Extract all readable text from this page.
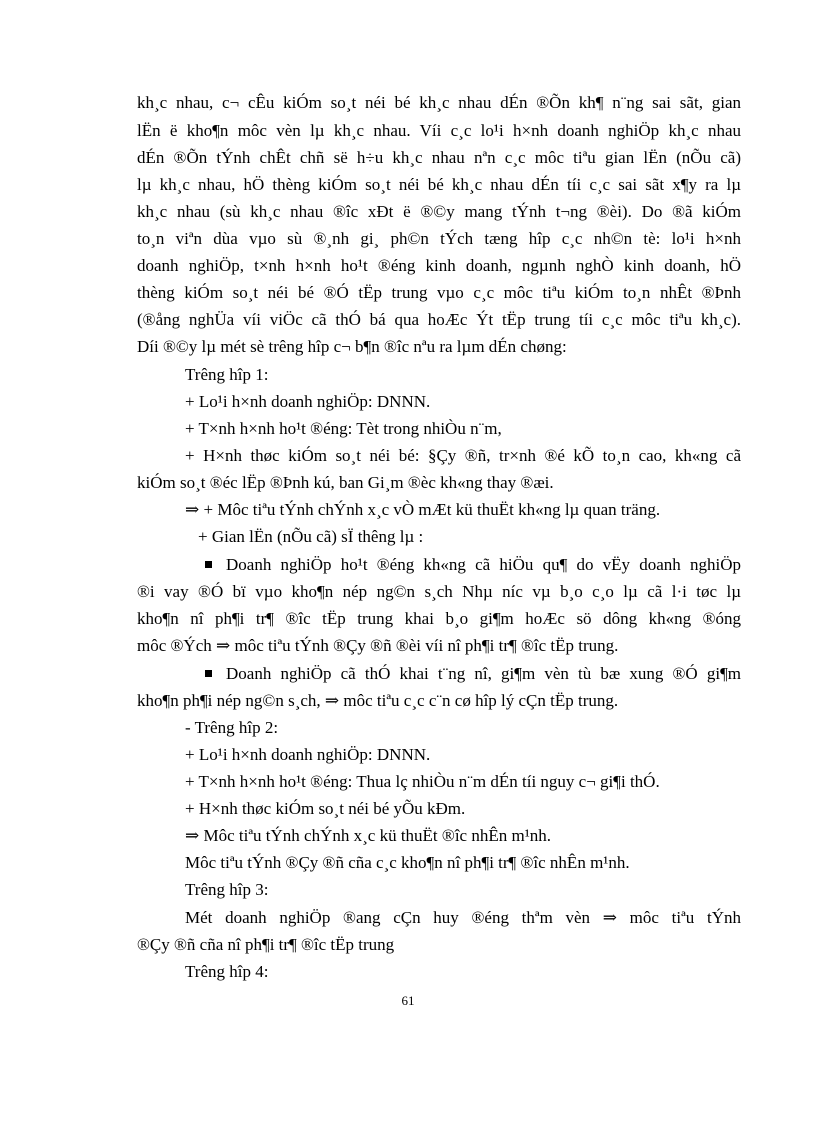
kh¸c nhau, c¬ cÊu kiÓm so¸t néi bé kh¸c nhau dÉn ®Õn kh¶ n¨ng sai sãt, gian
lËn ë kho¶n môc vèn lµ kh¸c nhau. Víi c¸c lo¹i h×nh doanh nghiÖp kh¸c nhau
dÉn ®Õn tÝnh chÊt chñ së h÷u kh¸c nhau nªn c¸c môc tiªu gian lËn (nÕu cã)
lµ kh¸c nhau, hÖ thèng kiÓm so¸t néi bé kh¸c nhau dÉn tíi c¸c sai sãt x¶y ra lµ
kh¸c nhau (sù kh¸c nhau ®îc xÐt ë ®©y mang tÝnh t¬ng ®èi). Do ®ã kiÓm
to¸n viªn dùa vµo sù ®¸nh gi¸ ph©n tÝch tæng hîp c¸c nh©n tè: lo¹i h×nh
doanh nghiÖp, t×nh h×nh ho¹t ®éng kinh doanh, ngµnh nghÒ kinh doanh, hÖ
thèng kiÓm so¸t néi bé ®Ó tËp trung vµo c¸c môc tiªu kiÓm to¸n nhÊt ®Þnh
(®ång nghÜa víi viÖc cã thÓ bá qua hoÆc Ýt tËp trung tíi c¸c môc tiªu kh¸c).
Díi ®©y lµ mét sè trêng hîp c¬ b¶n ®îc nªu ra lµm dÉn chøng:
Trêng hîp 1:
+ Lo¹i h×nh doanh nghiÖp: DNNN.
+ T×nh h×nh ho¹t ®éng: Tèt trong nhiÒu n¨m,
+ H×nh thøc kiÓm so¸t néi bé: §Çy ®ñ, tr×nh ®é kÕ to¸n cao, kh«ng cã
kiÓm so¸t ®éc lËp ®Þnh kú, ban Gi¸m ®èc kh«ng thay ®æi.
⇒ + Môc tiªu tÝnh chÝnh x¸c vÒ mÆt kü thuËt kh«ng lµ quan träng.
+ Gian lËn (nÕu cã) sÏ thêng lµ :
Doanh nghiÖp ho¹t ®éng kh«ng cã hiÖu qu¶ do vËy doanh nghiÖp
®i vay ®Ó bï vµo kho¶n nép ng©n s¸ch Nhµ níc vµ b¸o c¸o lµ cã l·i tøc lµ
kho¶n nî ph¶i tr¶ ®îc tËp trung khai b¸o gi¶m hoÆc sö dông kh«ng ®óng
môc ®Ých ⇒ môc tiªu tÝnh ®Çy ®ñ ®èi víi nî ph¶i tr¶ ®îc tËp trung.
Doanh nghiÖp cã thÓ khai t¨ng nî, gi¶m vèn tù bæ xung ®Ó gi¶m
kho¶n ph¶i nép ng©n s¸ch, ⇒ môc tiªu c¸c c¨n cø hîp lý cÇn tËp trung.
- Trêng hîp 2:
+ Lo¹i h×nh doanh nghiÖp: DNNN.
+ T×nh h×nh ho¹t ®éng: Thua lç nhiÒu n¨m dÉn tíi nguy c¬ gi¶i thÓ.
+ H×nh thøc kiÓm so¸t néi bé yÕu kÐm.
⇒ Môc tiªu tÝnh chÝnh x¸c kü thuËt ®îc nhÊn m¹nh.
Môc tiªu tÝnh ®Çy ®ñ cña c¸c kho¶n nî ph¶i tr¶ ®îc nhÊn m¹nh.
Trêng hîp 3:
Mét doanh nghiÖp ®ang cÇn huy ®éng thªm vèn ⇒ môc tiªu tÝnh
®Çy ®ñ cña nî ph¶i tr¶ ®îc tËp trung
Trêng hîp 4:
61
